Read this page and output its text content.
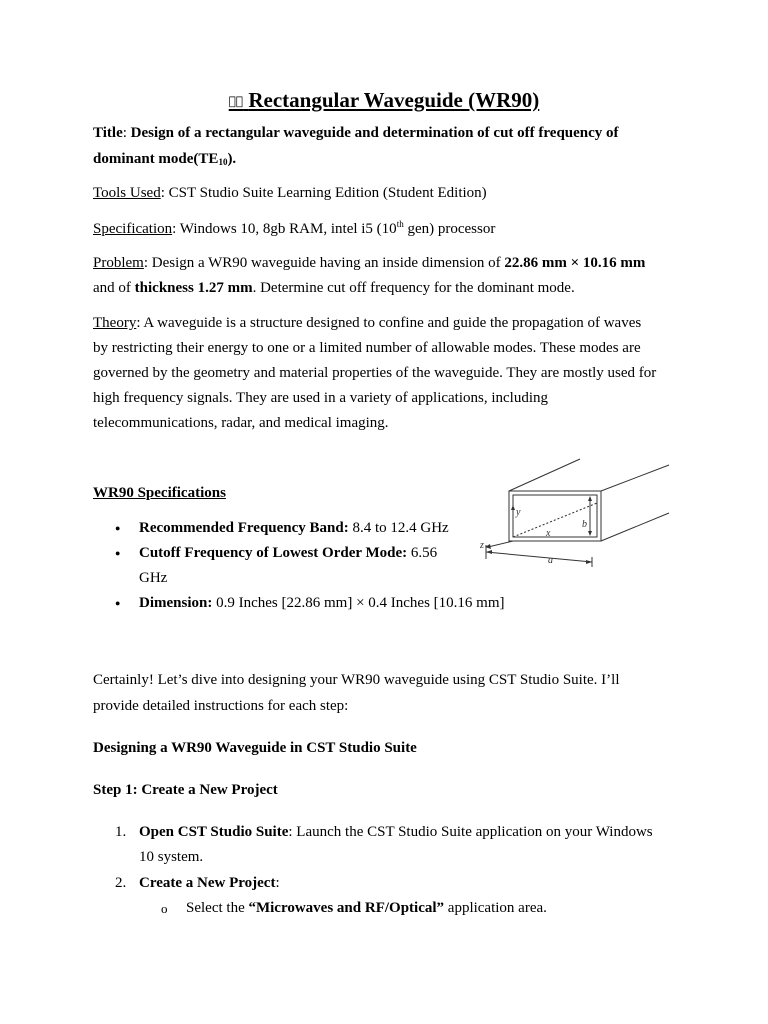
􀀀􀀀 Rectangular Waveguide (WR90)
Title: Design of a rectangular waveguide and determination of cut off frequency of
dominant $mode(TE_{10})$.
Tools Used: CST Studio Suite Learning Edition (Student Edition)
Specification: Windows 10, 8gb RAM, intel i5 (10th gen) processor
Problem: Design a WR90 waveguide having an inside dimension of 22.86 mm × 10.16 mm
and of thickness 1.27 mm. Determine cut off frequency for the dominant mode.
Theory: A waveguide is a structure designed to confine and guide the propagation of waves
by restricting their energy to one or a limited number of allowable modes. These modes are
governed by the geometry and material properties of the waveguide. They are mostly used for
high frequency signals. They are used in a variety of applications, including
telecommunications, radar, and medical imaging.
WR90 Specifications
● Recommended Frequency Band: 8.4 to 12.4 GHz
● Cutoff Frequency of Lowest Order Mode: 6.56
GHz
● Dimension: 0.9 Inches [22.86 mm] × 0.4 Inches [10.16 mm]
y
x
z
b
a
Certainly! Let’s dive into designing your WR90 waveguide using CST Studio Suite. I’ll
provide detailed instructions for each step:
Designing a WR90 Waveguide in CST Studio Suite
Step 1: Create a New Project
1. Open CST Studio Suite: Launch the CST Studio Suite application on your Windows
10 system.
2. Create a New Project:
o Select the “Microwaves and RF/Optical” application area.
